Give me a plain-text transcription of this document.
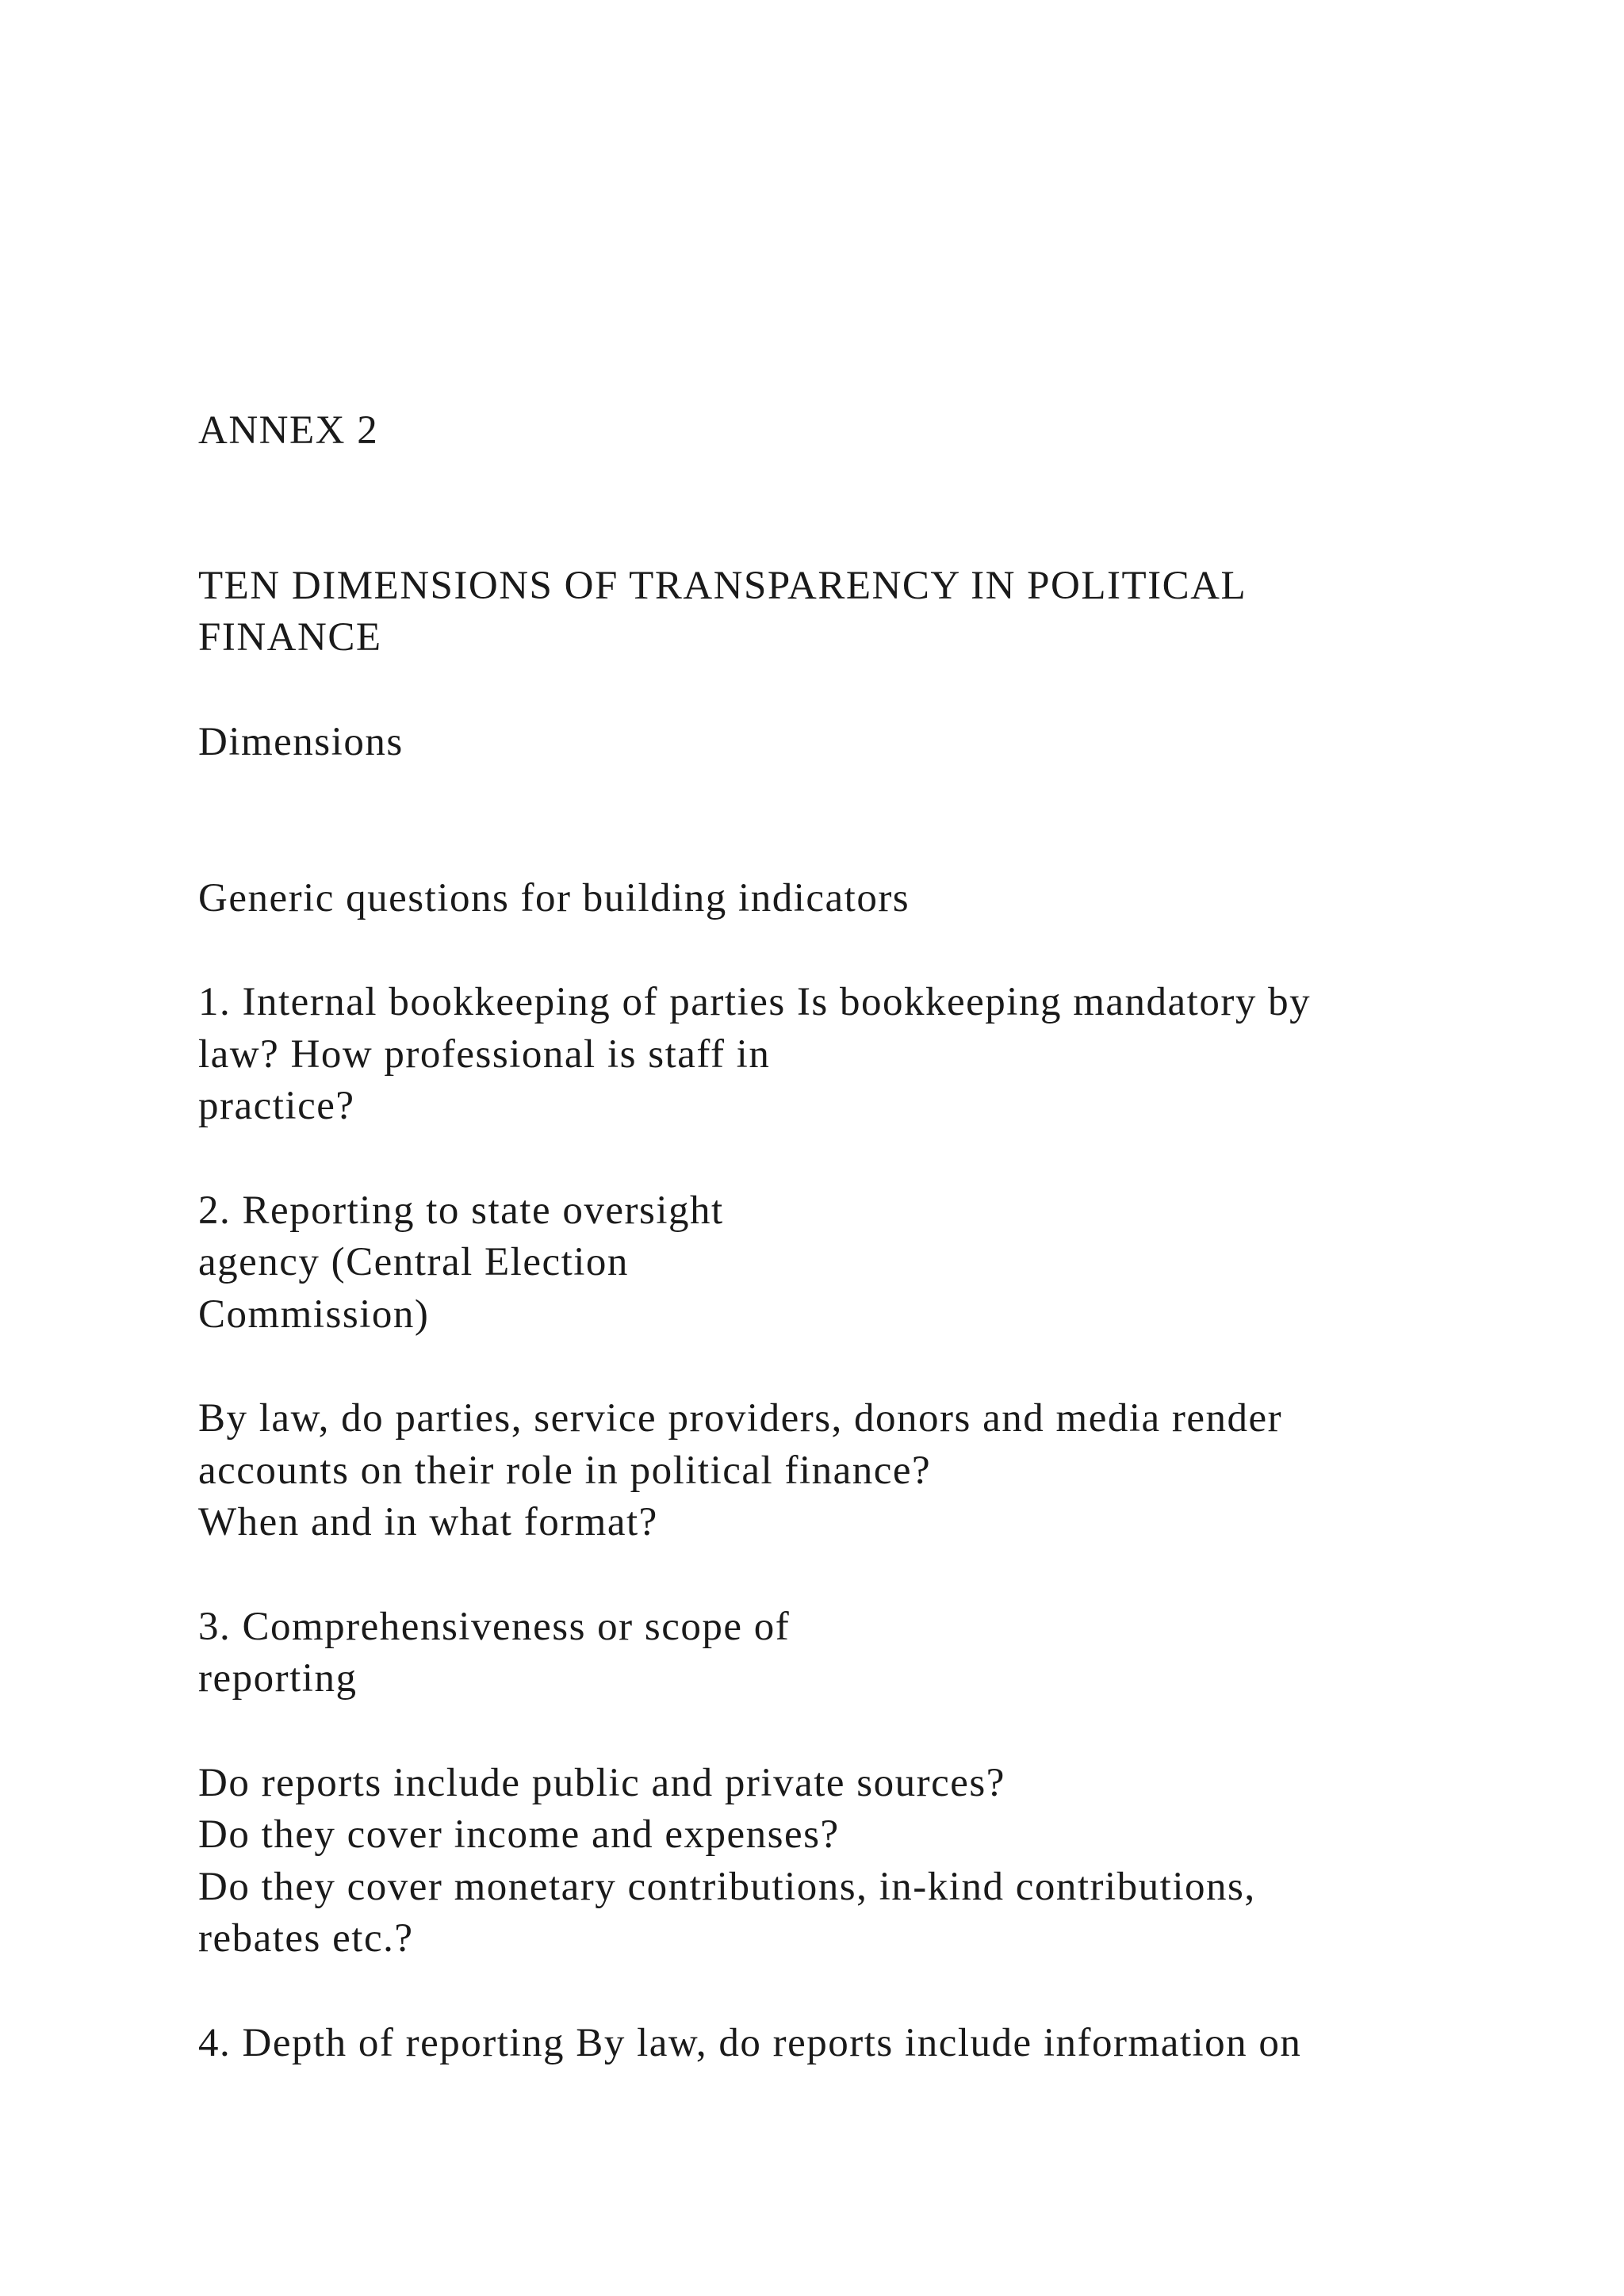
ANNEX 2
TEN DIMENSIONS OF TRANSPARENCY IN POLITICAL
FINANCE
Dimensions
Generic questions for building indicators
1. Internal bookkeeping of parties Is bookkeeping mandatory by
law? How professional is staff in
practice?
2. Reporting to state oversight
agency (Central Election
Commission)
By law, do parties, service providers, donors and media render
accounts on their role in political finance?
When and in what format?
3. Comprehensiveness or scope of
reporting
Do reports include public and private sources?
Do they cover income and expenses?
Do they cover monetary contributions, in-kind contributions,
rebates etc.?
4. Depth of reporting By law, do reports include information on
